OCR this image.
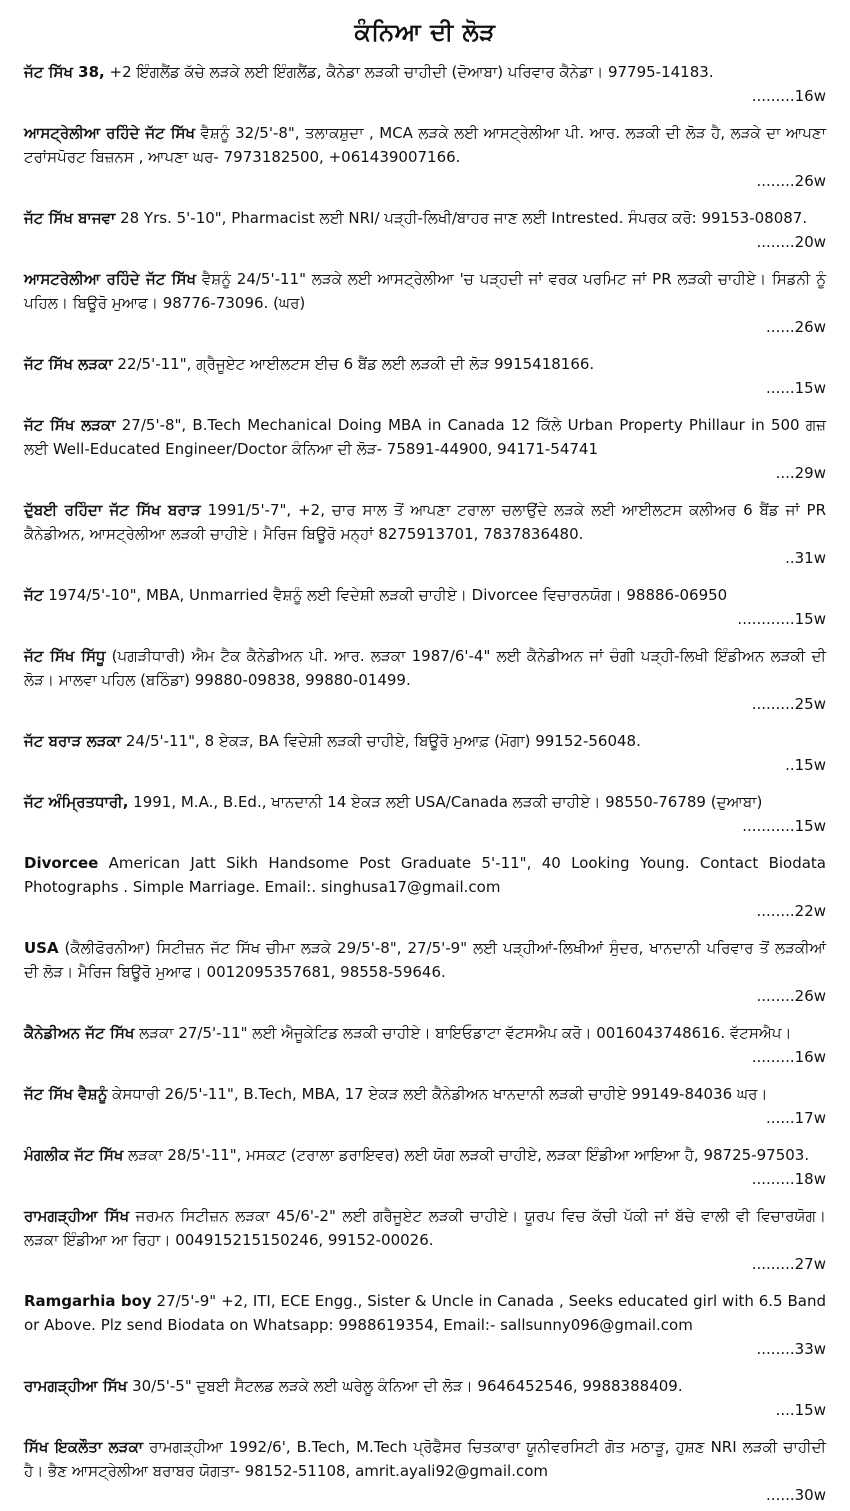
ਕੰਨਿਆ ਦੀ ਲੋੜ

ਜੱਟ ਸਿੱਖ 38, +2 ਇੰਗਲੈਂਡ ਕੱਚੇ ਲੜਕੇ ਲਈ ਇੰਗਲੈਂਡ, ਕੈਨੇਡਾ ਲੜਕੀ ਚਾਹੀਦੀ (ਦੋਆਬਾ) ਪਰਿਵਾਰ ਕੈਨੇਡਾ। 97795-14183.

.........16w

ਆਸਟ੍ਰੇਲੀਆ ਰਹਿੰਦੇ ਜੱਟ ਸਿੱਖ ਵੈਸ਼ਨੂੰ 32/5'-8", ਤਲਾਕਸ਼ੁਦਾ , MCA ਲੜਕੇ ਲਈ ਆਸਟ੍ਰੇਲੀਆ ਪੀ. ਆਰ. ਲੜਕੀ ਦੀ ਲੋੜ ਹੈ, ਲੜਕੇ ਦਾ ਆਪਣਾ ਟਰਾਂਸਪੋਰਟ ਬਿਜ਼ਨਸ , ਆਪਣਾ ਘਰ- 7973182500, +061439007166.

........26w

ਜੱਟ ਸਿੱਖ ਬਾਜਵਾ 28 Yrs. 5'-10", Pharmacist ਲਈ NRI/ ਪੜ੍ਹੀ-ਲਿਖੀ/ਬਾਹਰ ਜਾਣ ਲਈ Intrested. ਸੰਪਰਕ ਕਰੋ: 99153-08087.

........20w

ਆਸਟਰੇਲੀਆ ਰਹਿੰਦੇ ਜੱਟ ਸਿੱਖ ਵੈਸ਼ਨੂੰ 24/5'-11" ਲੜਕੇ ਲਈ ਆਸਟ੍ਰੇਲੀਆ 'ਚ ਪੜ੍ਹਦੀ ਜਾਂ ਵਰਕ ਪਰਮਿਟ ਜਾਂ PR ਲੜਕੀ ਚਾਹੀਏ। ਸਿਡਨੀ ਨੂੰ ਪਹਿਲ। ਬਿਊਰੋ ਮੁਆਫ। 98776-73096. (ਘਰ)

......26w

ਜੱਟ ਸਿੱਖ ਲੜਕਾ 22/5'-11", ਗ੍ਰੈਜੂਏਟ ਆਈਲਟਸ ਈਚ 6 ਬੈਂਡ ਲਈ ਲੜਕੀ ਦੀ ਲੋੜ 9915418166.

......15w

ਜੱਟ ਸਿੱਖ ਲੜਕਾ 27/5'-8", B.Tech Mechanical Doing MBA in Canada 12 ਕਿੱਲੇ Urban Property Phillaur in 500 ਗਜ਼ ਲਈ Well-Educated Engineer/Doctor ਕੰਨਿਆ ਦੀ ਲੋੜ- 75891-44900, 94171-54741

....29w

ਦੁੱਬਈ ਰਹਿੰਦਾ ਜੱਟ ਸਿੱਖ ਬਰਾੜ 1991/5'-7", +2, ਚਾਰ ਸਾਲ ਤੋਂ ਆਪਣਾ ਟਰਾਲਾ ਚਲਾਉਂਦੇ ਲੜਕੇ ਲਈ ਆਈਲਟਸ ਕਲੀਅਰ 6 ਬੈਂਡ ਜਾਂ PR ਕੈਨੇਡੀਅਨ, ਆਸਟ੍ਰੇਲੀਆ ਲੜਕੀ ਚਾਹੀਏ। ਮੈਰਿਜ ਬਿਊਰੋ ਮਨ੍ਹਾਂ 8275913701, 7837836480.

..31w

ਜੱਟ 1974/5'-10", MBA, Unmarried ਵੈਸ਼ਨੂੰ ਲਈ ਵਿਦੇਸ਼ੀ ਲੜਕੀ ਚਾਹੀਏ। Divorcee ਵਿਚਾਰਨਯੋਗ। 98886-06950

............15w

ਜੱਟ ਸਿੱਖ ਸਿੱਧੂ (ਪਗੜੀਧਾਰੀ) ਐਮ ਟੈਕ ਕੈਨੇਡੀਅਨ ਪੀ. ਆਰ. ਲੜਕਾ 1987/6'-4" ਲਈ ਕੈਨੇਡੀਅਨ ਜਾਂ ਚੰਗੀ ਪੜ੍ਹੀ-ਲਿਖੀ ਇੰਡੀਅਨ ਲੜਕੀ ਦੀ ਲੋੜ। ਮਾਲਵਾ ਪਹਿਲ (ਬਠਿੰਡਾ) 99880-09838, 99880-01499.

.........25w

ਜੱਟ ਬਰਾੜ ਲੜਕਾ 24/5'-11", 8 ਏਕੜ, BA ਵਿਦੇਸ਼ੀ ਲੜਕੀ ਚਾਹੀਏ, ਬਿਊਰੋ ਮੁਆਫ਼ (ਮੋਗਾ) 99152-56048.

..15w

ਜੱਟ ਅੰਮ੍ਰਿਤਧਾਰੀ, 1991, M.A., B.Ed., ਖਾਨਦਾਨੀ 14 ਏਕੜ ਲਈ USA/Canada ਲੜਕੀ ਚਾਹੀਏ। 98550-76789 (ਦੁਆਬਾ)

...........15w

Divorcee American Jatt Sikh Handsome Post Graduate 5'-11", 40 Looking Young. Contact Biodata Photographs . Simple Marriage. Email:. singhusa17@gmail.com

........22w

USA (ਕੈਲੀਫੋਰਨੀਆ) ਸਿਟੀਜ਼ਨ ਜੱਟ ਸਿੱਖ ਚੀਮਾ ਲੜਕੇ 29/5'-8", 27/5'-9" ਲਈ ਪੜ੍ਹੀਆਂ-ਲਿਖੀਆਂ ਸੁੰਦਰ, ਖਾਨਦਾਨੀ ਪਰਿਵਾਰ ਤੋਂ ਲੜਕੀਆਂ ਦੀ ਲੋੜ। ਮੈਰਿਜ ਬਿਊਰੋ ਮੁਆਫ। 0012095357681, 98558-59646.

........26w

ਕੈਨੇਡੀਅਨ ਜੱਟ ਸਿੱਖ ਲੜਕਾ 27/5'-11" ਲਈ ਐਜੂਕੇਟਿਡ ਲੜਕੀ ਚਾਹੀਏ। ਬਾਇਓਡਾਟਾ ਵੱਟਸਐਪ ਕਰੋ। 0016043748616. ਵੱਟਸਐਪ।

.........16w

ਜੱਟ ਸਿੱਖ ਵੈਸ਼ਨੂੰ ਕੇਸਧਾਰੀ 26/5'-11", B.Tech, MBA, 17 ਏਕੜ ਲਈ ਕੈਨੇਡੀਅਨ ਖਾਨਦਾਨੀ ਲੜਕੀ ਚਾਹੀਏ 99149-84036 ਘਰ।

......17w

ਮੰਗਲੀਕ ਜੱਟ ਸਿੱਖ ਲੜਕਾ 28/5'-11", ਮਸਕਟ (ਟਰਾਲਾ ਡਰਾਇਵਰ) ਲਈ ਯੋਗ ਲੜਕੀ ਚਾਹੀਏ, ਲੜਕਾ ਇੰਡੀਆ ਆਇਆ ਹੈ, 98725-97503.

.........18w

ਰਾਮਗੜ੍ਹੀਆ ਸਿੱਖ ਜਰਮਨ ਸਿਟੀਜ਼ਨ ਲੜਕਾ 45/6'-2" ਲਈ ਗਰੈਜੂਏਟ ਲੜਕੀ ਚਾਹੀਏ। ਯੂਰਪ ਵਿਚ ਕੱਚੀ ਪੱਕੀ ਜਾਂ ਬੱਚੇ ਵਾਲੀ ਵੀ ਵਿਚਾਰਯੋਗ। ਲੜਕਾ ਇੰਡੀਆ ਆ ਰਿਹਾ। 004915215150246, 99152-00026.

.........27w

Ramgarhia boy 27/5'-9" +2, ITI, ECE Engg., Sister & Uncle in Canada , Seeks educated girl with 6.5 Band or Above. Plz send Biodata on Whatsapp: 9988619354, Email:- sallsunny096@gmail.com

........33w

ਰਾਮਗੜ੍ਹੀਆ ਸਿੱਖ 30/5'-5" ਦੁਬਈ ਸੈਟਲਡ ਲੜਕੇ ਲਈ ਘਰੇਲੂ ਕੰਨਿਆ ਦੀ ਲੋੜ। 9646452546, 9988388409.

....15w

ਸਿੱਖ ਇਕਲੌਤਾ ਲੜਕਾ ਰਾਮਗੜ੍ਹੀਆ 1992/6', B.Tech, M.Tech ਪ੍ਰੋਫੈਸਰ ਚਿਤਕਾਰਾ ਯੂਨੀਵਰਸਿਟੀ ਗੋਤ ਮਠਾੜੂ, ਹੁਸ਼ਣ NRI ਲੜਕੀ ਚਾਹੀਦੀ ਹੈ। ਭੈਣ ਆਸਟ੍ਰੇਲੀਆ ਬਰਾਬਰ ਯੋਗਤਾ- 98152-51108, amrit.ayali92@gmail.com

......30w
